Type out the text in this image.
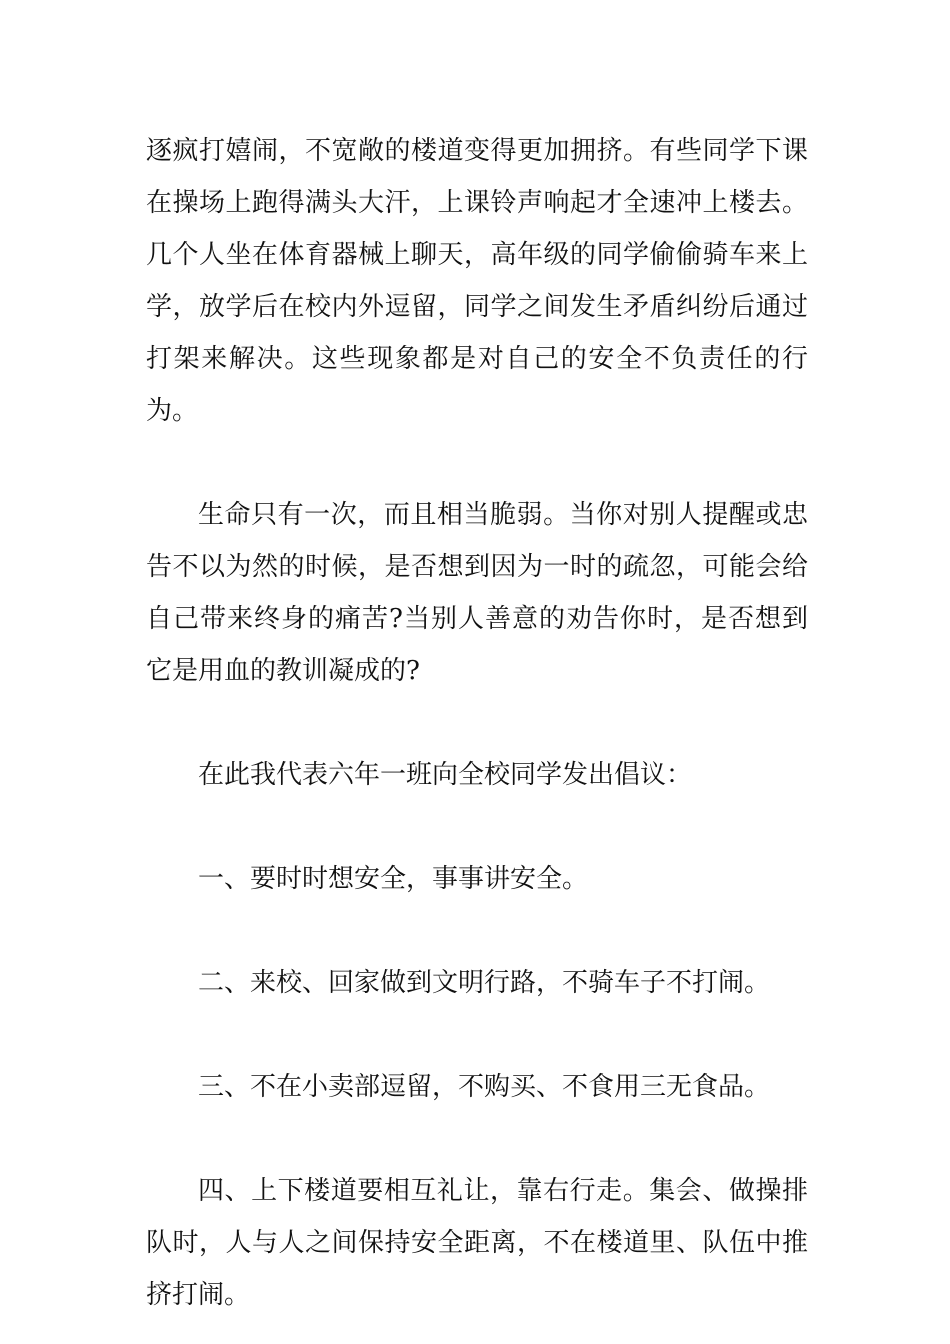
逐疯打嬉闹，不宽敞的楼道变得更加拥挤。有些同学下课在操场上跑得满头大汗，上课铃声响起才全速冲上楼去。几个人坐在体育器械上聊天，高年级的同学偷偷骑车来上学，放学后在校内外逗留，同学之间发生矛盾纠纷后通过打架来解决。这些现象都是对自己的安全不负责任的行为。

生命只有一次，而且相当脆弱。当你对别人提醒或忠告不以为然的时候，是否想到因为一时的疏忽，可能会给自己带来终身的痛苦?当别人善意的劝告你时，是否想到它是用血的教训凝成的?

在此我代表六年一班向全校同学发出倡议：

一、要时时想安全，事事讲安全。

二、来校、回家做到文明行路，不骑车子不打闹。

三、不在小卖部逗留，不购买、不食用三无食品。

四、上下楼道要相互礼让，靠右行走。集会、做操排队时，人与人之间保持安全距离，不在楼道里、队伍中推挤打闹。
